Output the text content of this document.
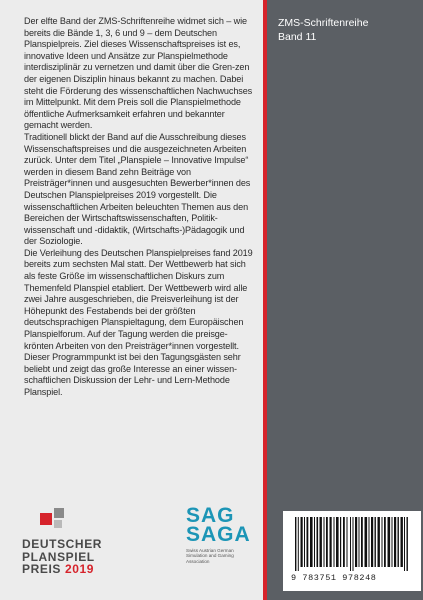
Der elfte Band der ZMS-Schriftenreihe widmet sich – wie bereits die Bände 1, 3, 6 und 9 – dem Deutschen Planspielpreis. Ziel dieses Wissenschaftspreises ist es, innovative Ideen und Ansätze zur Planspielmethode interdisziplinär zu vernetzen und damit über die Gren-zen der eigenen Disziplin hinaus bekannt zu machen. Dabei steht die Förderung des wissenschaftlichen Nachwuchses im Mittelpunkt. Mit dem Preis soll die Planspielmethode öffentliche Aufmerksamkeit erfahren und bekannter gemacht werden.

Traditionell blickt der Band auf die Ausschreibung dieses Wissenschaftspreises und die ausgezeichneten Arbeiten zurück. Unter dem Titel „Planspiele – Innovative Impulse“ werden in diesem Band zehn Beiträge von Preisträger*innen und ausgesuchten Bewerber*innen des Deutschen Planspielpreises 2019 vorgestellt. Die wissenschaftlichen Arbeiten beleuchten Themen aus den Bereichen der Wirtschaftswissenschaften, Politik-wissenschaft und -didaktik, (Wirtschafts-)Pädagogik und der Soziologie.

Die Verleihung des Deutschen Planspielpreises fand 2019 bereits zum sechsten Mal statt. Der Wettbewerb hat sich als feste Größe im wissenschaftlichen Diskurs zum Themenfeld Planspiel etabliert. Der Wettbewerb wird alle zwei Jahre ausgeschrieben, die Preisverleihung ist der Höhepunkt des Festabends bei der größten deutschsprachigen Planspieltagung, dem Europäischen Planspielforum. Auf der Tagung werden die preisge-krönten Arbeiten von den Preisträger*innen vorgestellt. Dieser Programmpunkt ist bei den Tagungsgästen sehr beliebt und zeigt das große Interesse an einer wissen-schaftlichen Diskussion der Lehr- und Lern-Methode Planspiel.

ZMS-Schriftenreihe
Band 11
DEUTSCHER
PLANSPIEL
PREIS 2019
SAG
SAGA
Swiss Austrian German
Simulation and Gaming
Association
9 783751 978248
